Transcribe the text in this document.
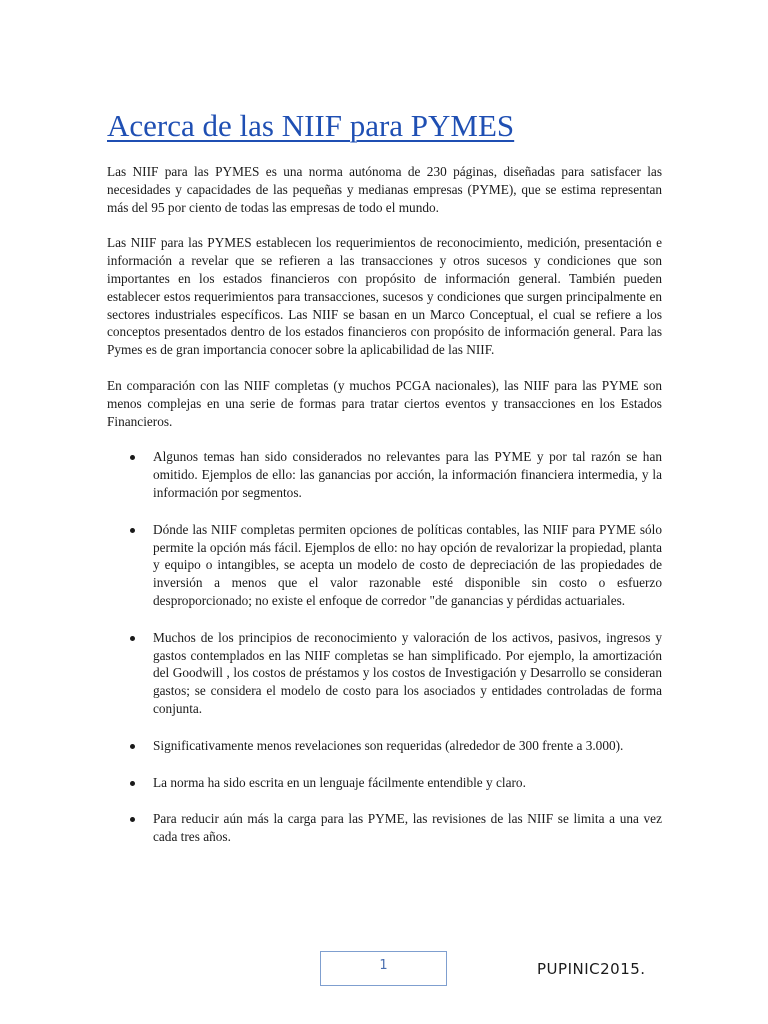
Acerca de las NIIF para PYMES

Las NIIF para las PYMES es una norma autónoma de 230 páginas, diseñadas para satisfacer las necesidades y capacidades de las pequeñas y medianas empresas (PYME), que se estima representan más del 95 por ciento de todas las empresas de todo el mundo.

Las NIIF para las PYMES establecen los requerimientos de reconocimiento, medición, presentación e información a revelar que se refieren a las transacciones y otros sucesos y condiciones que son importantes en los estados financieros con propósito de información general. También pueden establecer estos requerimientos para transacciones, sucesos y condiciones que surgen principalmente en sectores industriales específicos. Las NIIF se basan en un Marco Conceptual, el cual se refiere a los conceptos presentados dentro de los estados financieros con propósito de información general. Para las Pymes es de gran importancia conocer sobre la aplicabilidad de las NIIF.

En comparación con las NIIF completas (y muchos PCGA nacionales), las NIIF para las PYME son menos complejas en una serie de formas para tratar ciertos eventos y transacciones en los Estados Financieros.

Algunos temas han sido considerados no relevantes para las PYME y por tal razón se han omitido. Ejemplos de ello: las ganancias por acción, la información financiera intermedia, y la información por segmentos.
Dónde las NIIF completas permiten opciones de políticas contables, las NIIF para PYME sólo permite la opción más fácil. Ejemplos de ello: no hay opción de revalorizar la propiedad, planta y equipo o intangibles, se acepta un modelo de costo de depreciación de las propiedades de inversión a menos que el valor razonable esté disponible sin costo o esfuerzo desproporcionado; no existe el enfoque de corredor "de ganancias y pérdidas actuariales.
Muchos de los principios de reconocimiento y valoración de los activos, pasivos, ingresos y gastos contemplados en las NIIF completas se han simplificado. Por ejemplo, la amortización del Goodwill , los costos de préstamos y los costos de Investigación y Desarrollo se consideran gastos; se considera el modelo de costo para los asociados y entidades controladas de forma conjunta.
Significativamente menos revelaciones son requeridas (alrededor de 300 frente a 3.000).
La norma ha sido escrita en un lenguaje fácilmente entendible y claro.
Para reducir aún más la carga para las PYME, las revisiones de las NIIF se limita a una vez cada tres años.
1	PUPINIC2015.
